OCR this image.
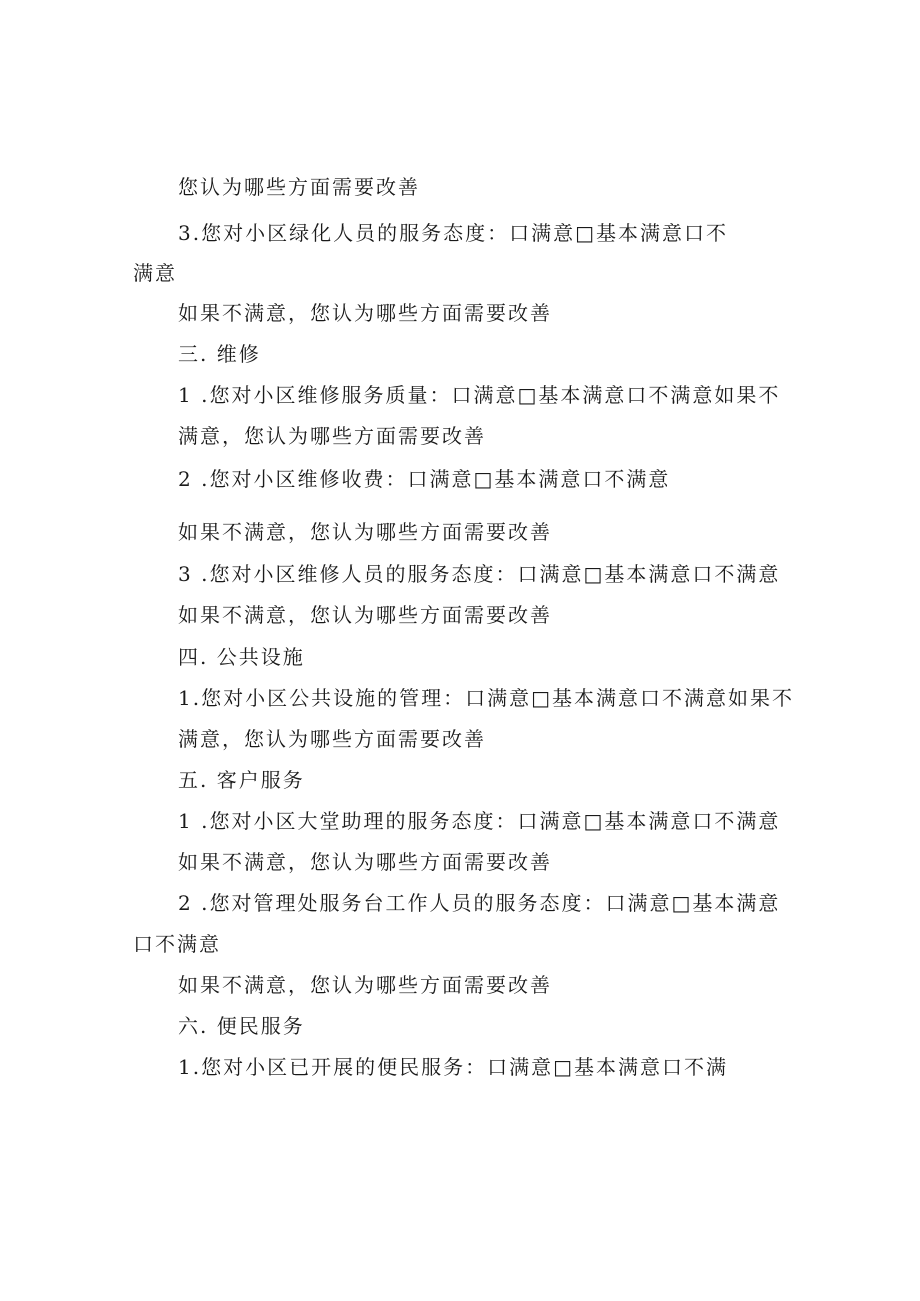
您认为哪些方面需要改善
3.您对小区绿化人员的服务态度：口满意□基本满意口不
满意
如果不满意，您认为哪些方面需要改善
三. 维修
1 .您对小区维修服务质量：口满意□基本满意口不满意如果不
满意，您认为哪些方面需要改善
2 .您对小区维修收费：口满意□基本满意口不满意
如果不满意，您认为哪些方面需要改善
3 .您对小区维修人员的服务态度：口满意□基本满意口不满意
如果不满意，您认为哪些方面需要改善
四. 公共设施
1.您对小区公共设施的管理：口满意□基本满意口不满意如果不
满意，您认为哪些方面需要改善
五. 客户服务
1 .您对小区大堂助理的服务态度：口满意□基本满意口不满意
如果不满意，您认为哪些方面需要改善
2 .您对管理处服务台工作人员的服务态度：口满意□基本满意
口不满意
如果不满意，您认为哪些方面需要改善
六. 便民服务
1.您对小区已开展的便民服务：口满意□基本满意口不满
